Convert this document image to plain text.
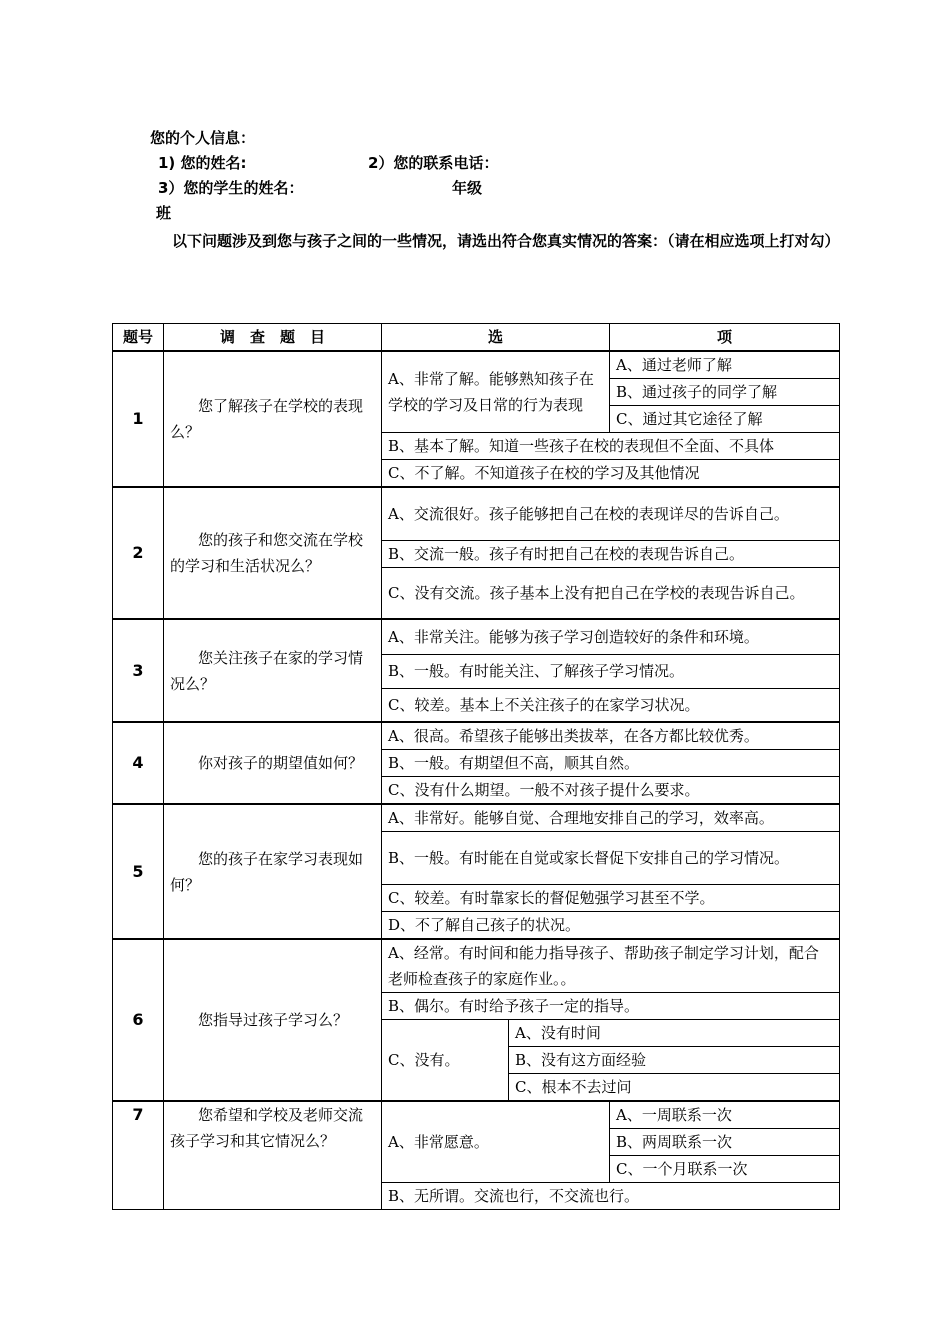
您的个人信息：
1) 您的姓名:	2）您的联系电话：
3）您的学生的姓名：	年级
班
以下问题涉及到您与孩子之间的一些情况，请选出符合您真实情况的答案：（请在相应选项上打对勾）
题号	调　查　题　目	选		项
1	您了解孩子在学校的表现么？	A、非常了解。能够熟知孩子在学校的学习及日常的行为表现		A、通过老师了解
				B、通过孩子的同学了解
				C、通过其它途径了解
		B、基本了解。知道一些孩子在校的表现但不全面、不具体		
		C、不了解。不知道孩子在校的学习及其他情况		
2	您的孩子和您交流在学校的学习和生活状况么？	A、交流很好。孩子能够把自己在校的表现详尽的告诉自己。		
		B、交流一般。孩子有时把自己在校的表现告诉自己。		
		C、没有交流。孩子基本上没有把自己在学校的表现告诉自己。		
3	您关注孩子在家的学习情况么？	A、非常关注。能够为孩子学习创造较好的条件和环境。		
		B、一般。有时能关注、了解孩子学习情况。		
		C、较差。基本上不关注孩子的在家学习状况。		
4	你对孩子的期望值如何？	A、很高。希望孩子能够出类拔萃，在各方都比较优秀。		
		B、一般。有期望但不高，顺其自然。		
		C、没有什么期望。一般不对孩子提什么要求。		
5	您的孩子在家学习表现如何？	A、非常好。能够自觉、合理地安排自己的学习，效率高。		
		B、一般。有时能在自觉或家长督促下安排自己的学习情况。		
		C、较差。有时靠家长的督促勉强学习甚至不学。		
		D、不了解自己孩子的状况。		
6	您指导过孩子学习么？	A、经常。有时间和能力指导孩子、帮助孩子制定学习计划，配合老师检查孩子的家庭作业。。		
		B、偶尔。有时给予孩子一定的指导。		
		C、没有。	A、没有时间	
			B、没有这方面经验	
			C、根本不去过问	
7	您希望和学校及老师交流孩子学习和其它情况么？	A、非常愿意。		A、一周联系一次
				B、两周联系一次
				C、一个月联系一次
		B、无所谓。交流也行，不交流也行。		
